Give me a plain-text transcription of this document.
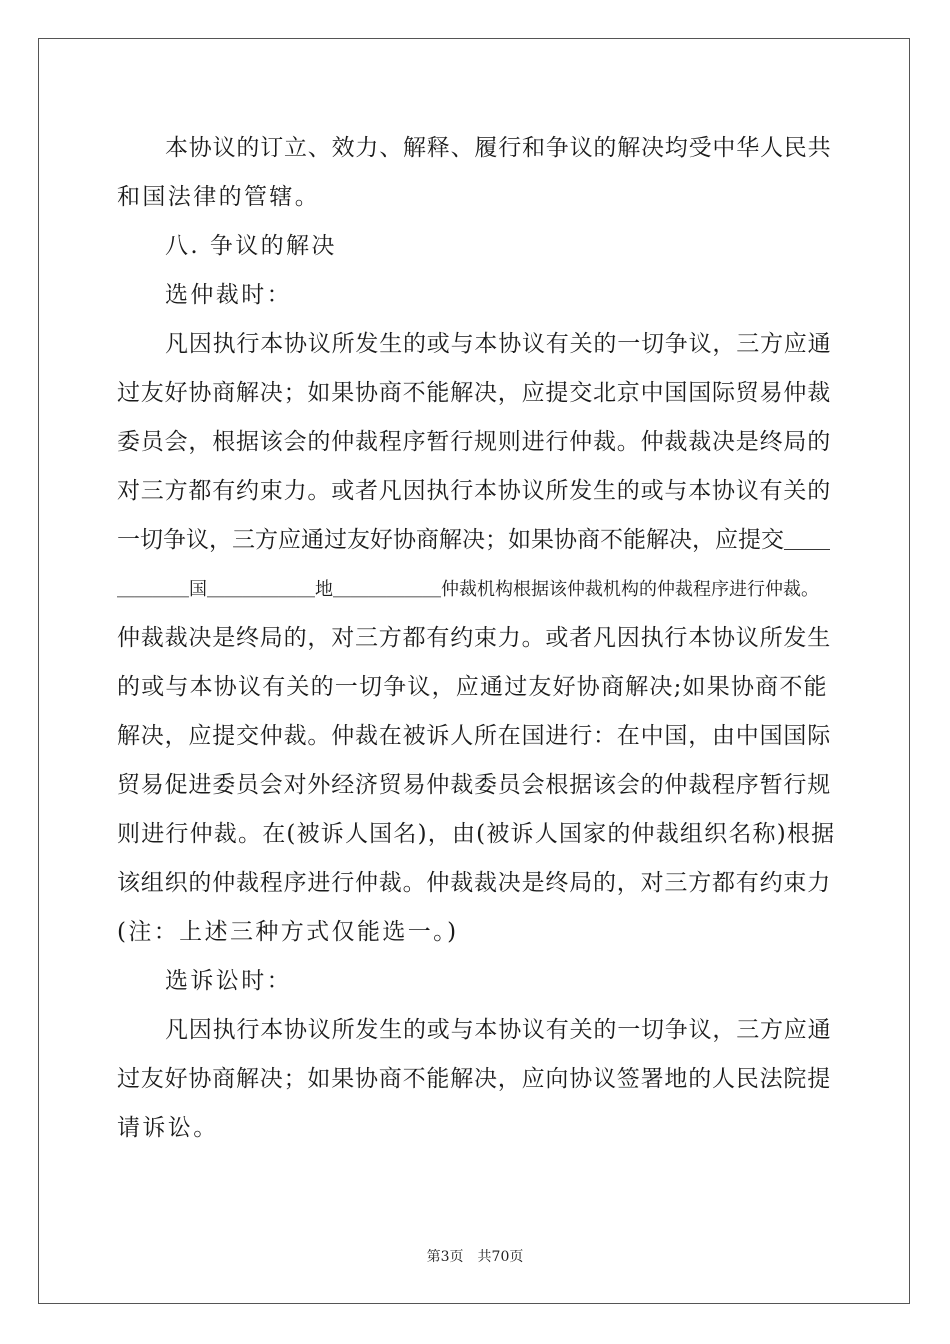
本协议的订立、效力、解释、履行和争议的解决均受中华人民共
和国法律的管辖。

八. 争议的解决

选仲裁时：

凡因执行本协议所发生的或与本协议有关的一切争议，三方应通
过友好协商解决；如果协商不能解决，应提交北京中国国际贸易仲裁
委员会，根据该会的仲裁程序暂行规则进行仲裁。仲裁裁决是终局的
对三方都有约束力。或者凡因执行本协议所发生的或与本协议有关的
一切争议，三方应通过友好协商解决；如果协商不能解决，应提交＿＿
＿＿＿＿国＿＿＿＿＿＿地＿＿＿＿＿＿仲裁机构根据该仲裁机构的仲裁程序进行仲裁。
仲裁裁决是终局的，对三方都有约束力。或者凡因执行本协议所发生
的或与本协议有关的一切争议，应通过友好协商解决;如果协商不能
解决，应提交仲裁。仲裁在被诉人所在国进行：在中国，由中国国际
贸易促进委员会对外经济贸易仲裁委员会根据该会的仲裁程序暂行规
则进行仲裁。在(被诉人国名)，由(被诉人国家的仲裁组织名称)根据
该组织的仲裁程序进行仲裁。仲裁裁决是终局的，对三方都有约束力
(注：上述三种方式仅能选一。)

选诉讼时：

凡因执行本协议所发生的或与本协议有关的一切争议，三方应通
过友好协商解决；如果协商不能解决，应向协议签署地的人民法院提
请诉讼。

第3页 共70页
